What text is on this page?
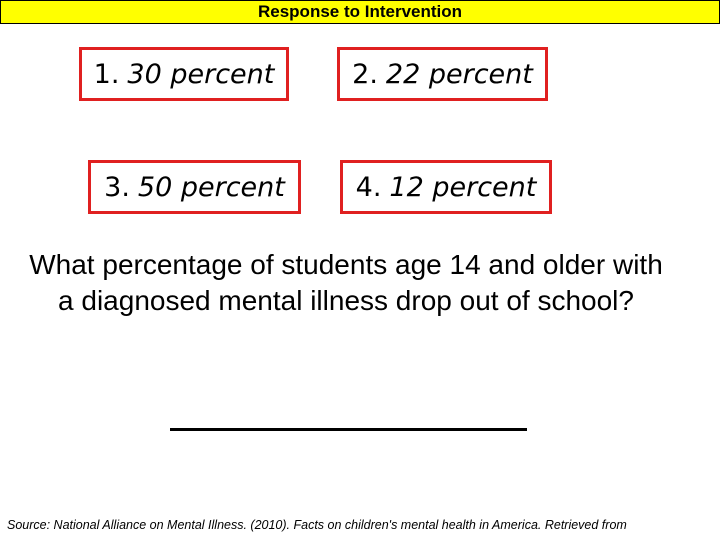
Response to Intervention
1. 30 percent	2. 22 percent
3. 50 percent	4. 12 percent
What percentage of students age 14 and older with a diagnosed mental illness drop out of school?
Source: National Alliance on Mental Illness. (2010). Facts on children's mental health in America. Retrieved from
